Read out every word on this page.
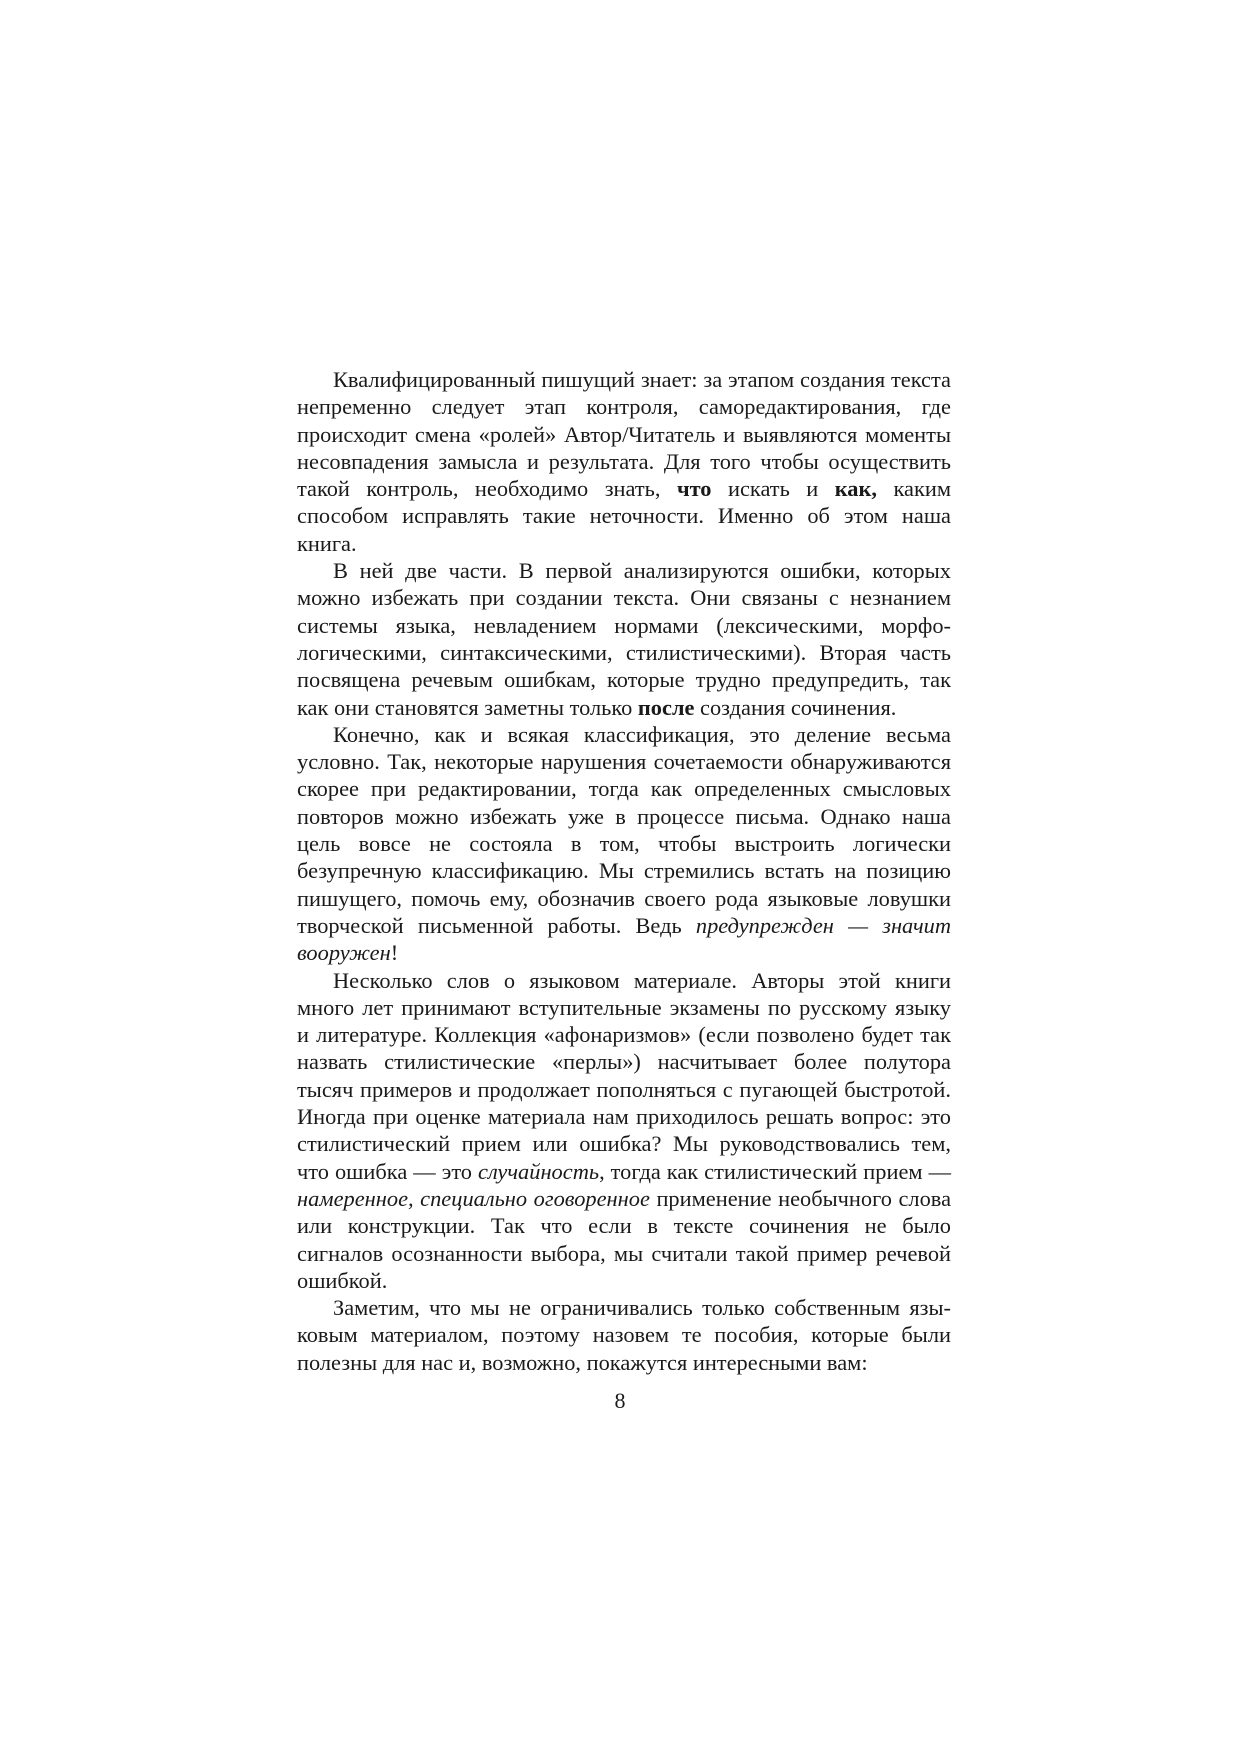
Квалифицированный пишущий знает: за этапом создания текста непременно следует этап контроля, саморедактирования, где происходит смена «ролей» Автор/Читатель и выявляются моменты несовпадения замысла и результата. Для того чтобы осуществить такой контроль, необходимо знать, что искать и как, каким способом исправлять такие неточности. Именно об этом наша книга.

В ней две части. В первой анализируются ошибки, которых можно избежать при создании текста. Они связаны с незнанием системы языка, невладением нормами (лексическими, морфологическими, синтаксическими, стилистическими). Вторая часть посвящена речевым ошибкам, которые трудно предупредить, так как они становятся заметны только после создания сочинения.

Конечно, как и всякая классификация, это деление весьма условно. Так, некоторые нарушения сочетаемости обнаруживаются скорее при редактировании, тогда как определенных смысловых повторов можно избежать уже в процессе письма. Однако наша цель вовсе не состояла в том, чтобы выстроить логически безупречную классификацию. Мы стремились встать на позицию пишущего, помочь ему, обозначив своего рода языковые ловушки творческой письменной работы. Ведь предупрежден — значит вооружен!

Несколько слов о языковом материале. Авторы этой книги много лет принимают вступительные экзамены по русскому языку и литературе. Коллекция «афонаризмов» (если позволено будет так назвать стилистические «перлы») насчитывает более полутора тысяч примеров и продолжает пополняться с пугающей быстротой. Иногда при оценке материала нам приходилось решать вопрос: это стилистический прием или ошибка? Мы руководствовались тем, что ошибка — это случайность, тогда как стилистический прием — намеренное, специально оговоренное применение необычного слова или конструкции. Так что если в тексте сочинения не было сигналов осознанности выбора, мы считали такой пример речевой ошибкой.

Заметим, что мы не ограничивались только собственным языковым материалом, поэтому назовем те пособия, которые были полезны для нас и, возможно, покажутся интересными вам:

8
